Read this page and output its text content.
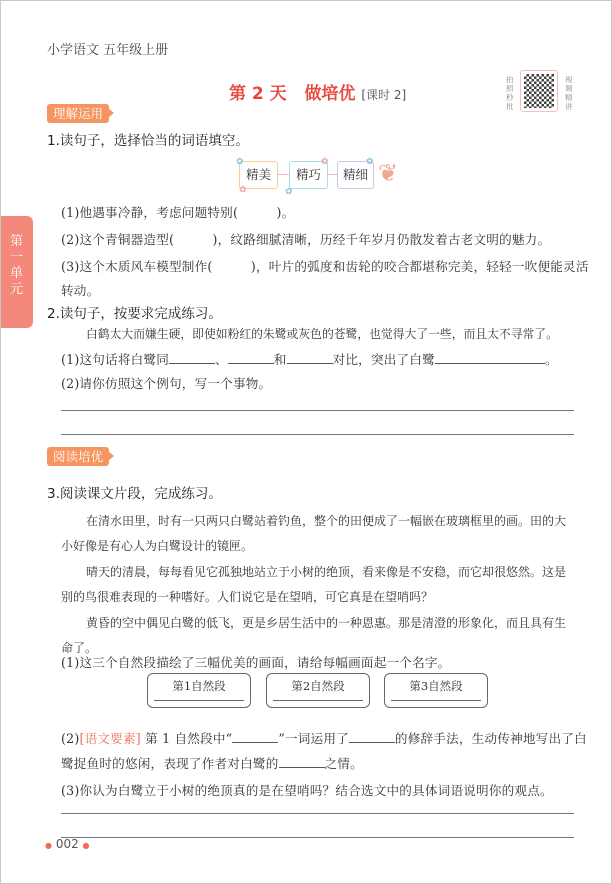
小学语文 五年级上册
第 2 天 做培优 [课时 2]
拍照秒批
视频精讲
理解运用
1.读句子，选择恰当的词语填空。
精美	精巧	精细
✿
✿	✿
✿	✿ ❦
(1)他遇事冷静，考虑问题特别(　　　)。
(2)这个青铜器造型(　　　)，纹路细腻清晰，历经千年岁月仍散发着古老文明的魅力。
(3)这个木质风车模型制作(　　　)，叶片的弧度和齿轮的咬合都堪称完美，轻轻一吹便能灵活
转动。
第一单元
2.读句子，按要求完成练习。
白鹤太大而嫌生硬，即使如粉红的朱鹭或灰色的苍鹭，也觉得大了一些，而且太不寻常了。
(1)这句话将白鹭同	、	和	对比，突出了白鹭	。
(2)请你仿照这个例句，写一个事物。
阅读培优
3.阅读课文片段，完成练习。
在清水田里，时有一只两只白鹭站着钓鱼，整个的田便成了一幅嵌在玻璃框里的画。田的大
小好像是有心人为白鹭设计的镜匣。
晴天的清晨，每每看见它孤独地站立于小树的绝顶，看来像是不安稳，而它却很悠然。这是
别的鸟很难表现的一种嗜好。人们说它是在望哨，可它真是在望哨吗？
黄昏的空中偶见白鹭的低飞，更是乡居生活中的一种恩惠。那是清澄的形象化，而且具有生
命了。
(1)这三个自然段描绘了三幅优美的画面，请给每幅画面起一个名字。
第1自然段	第2自然段	第3自然段
(2)[语文要素] 第 1 自然段中“	”一词运用了	的修辞手法，生动传神地写出了白
鹭捉鱼时的悠闲，表现了作者对白鹭的	之情。
(3)你认为白鹭立于小树的绝顶真的是在望哨吗？结合选文中的具体词语说明你的观点。
● 002 ●
